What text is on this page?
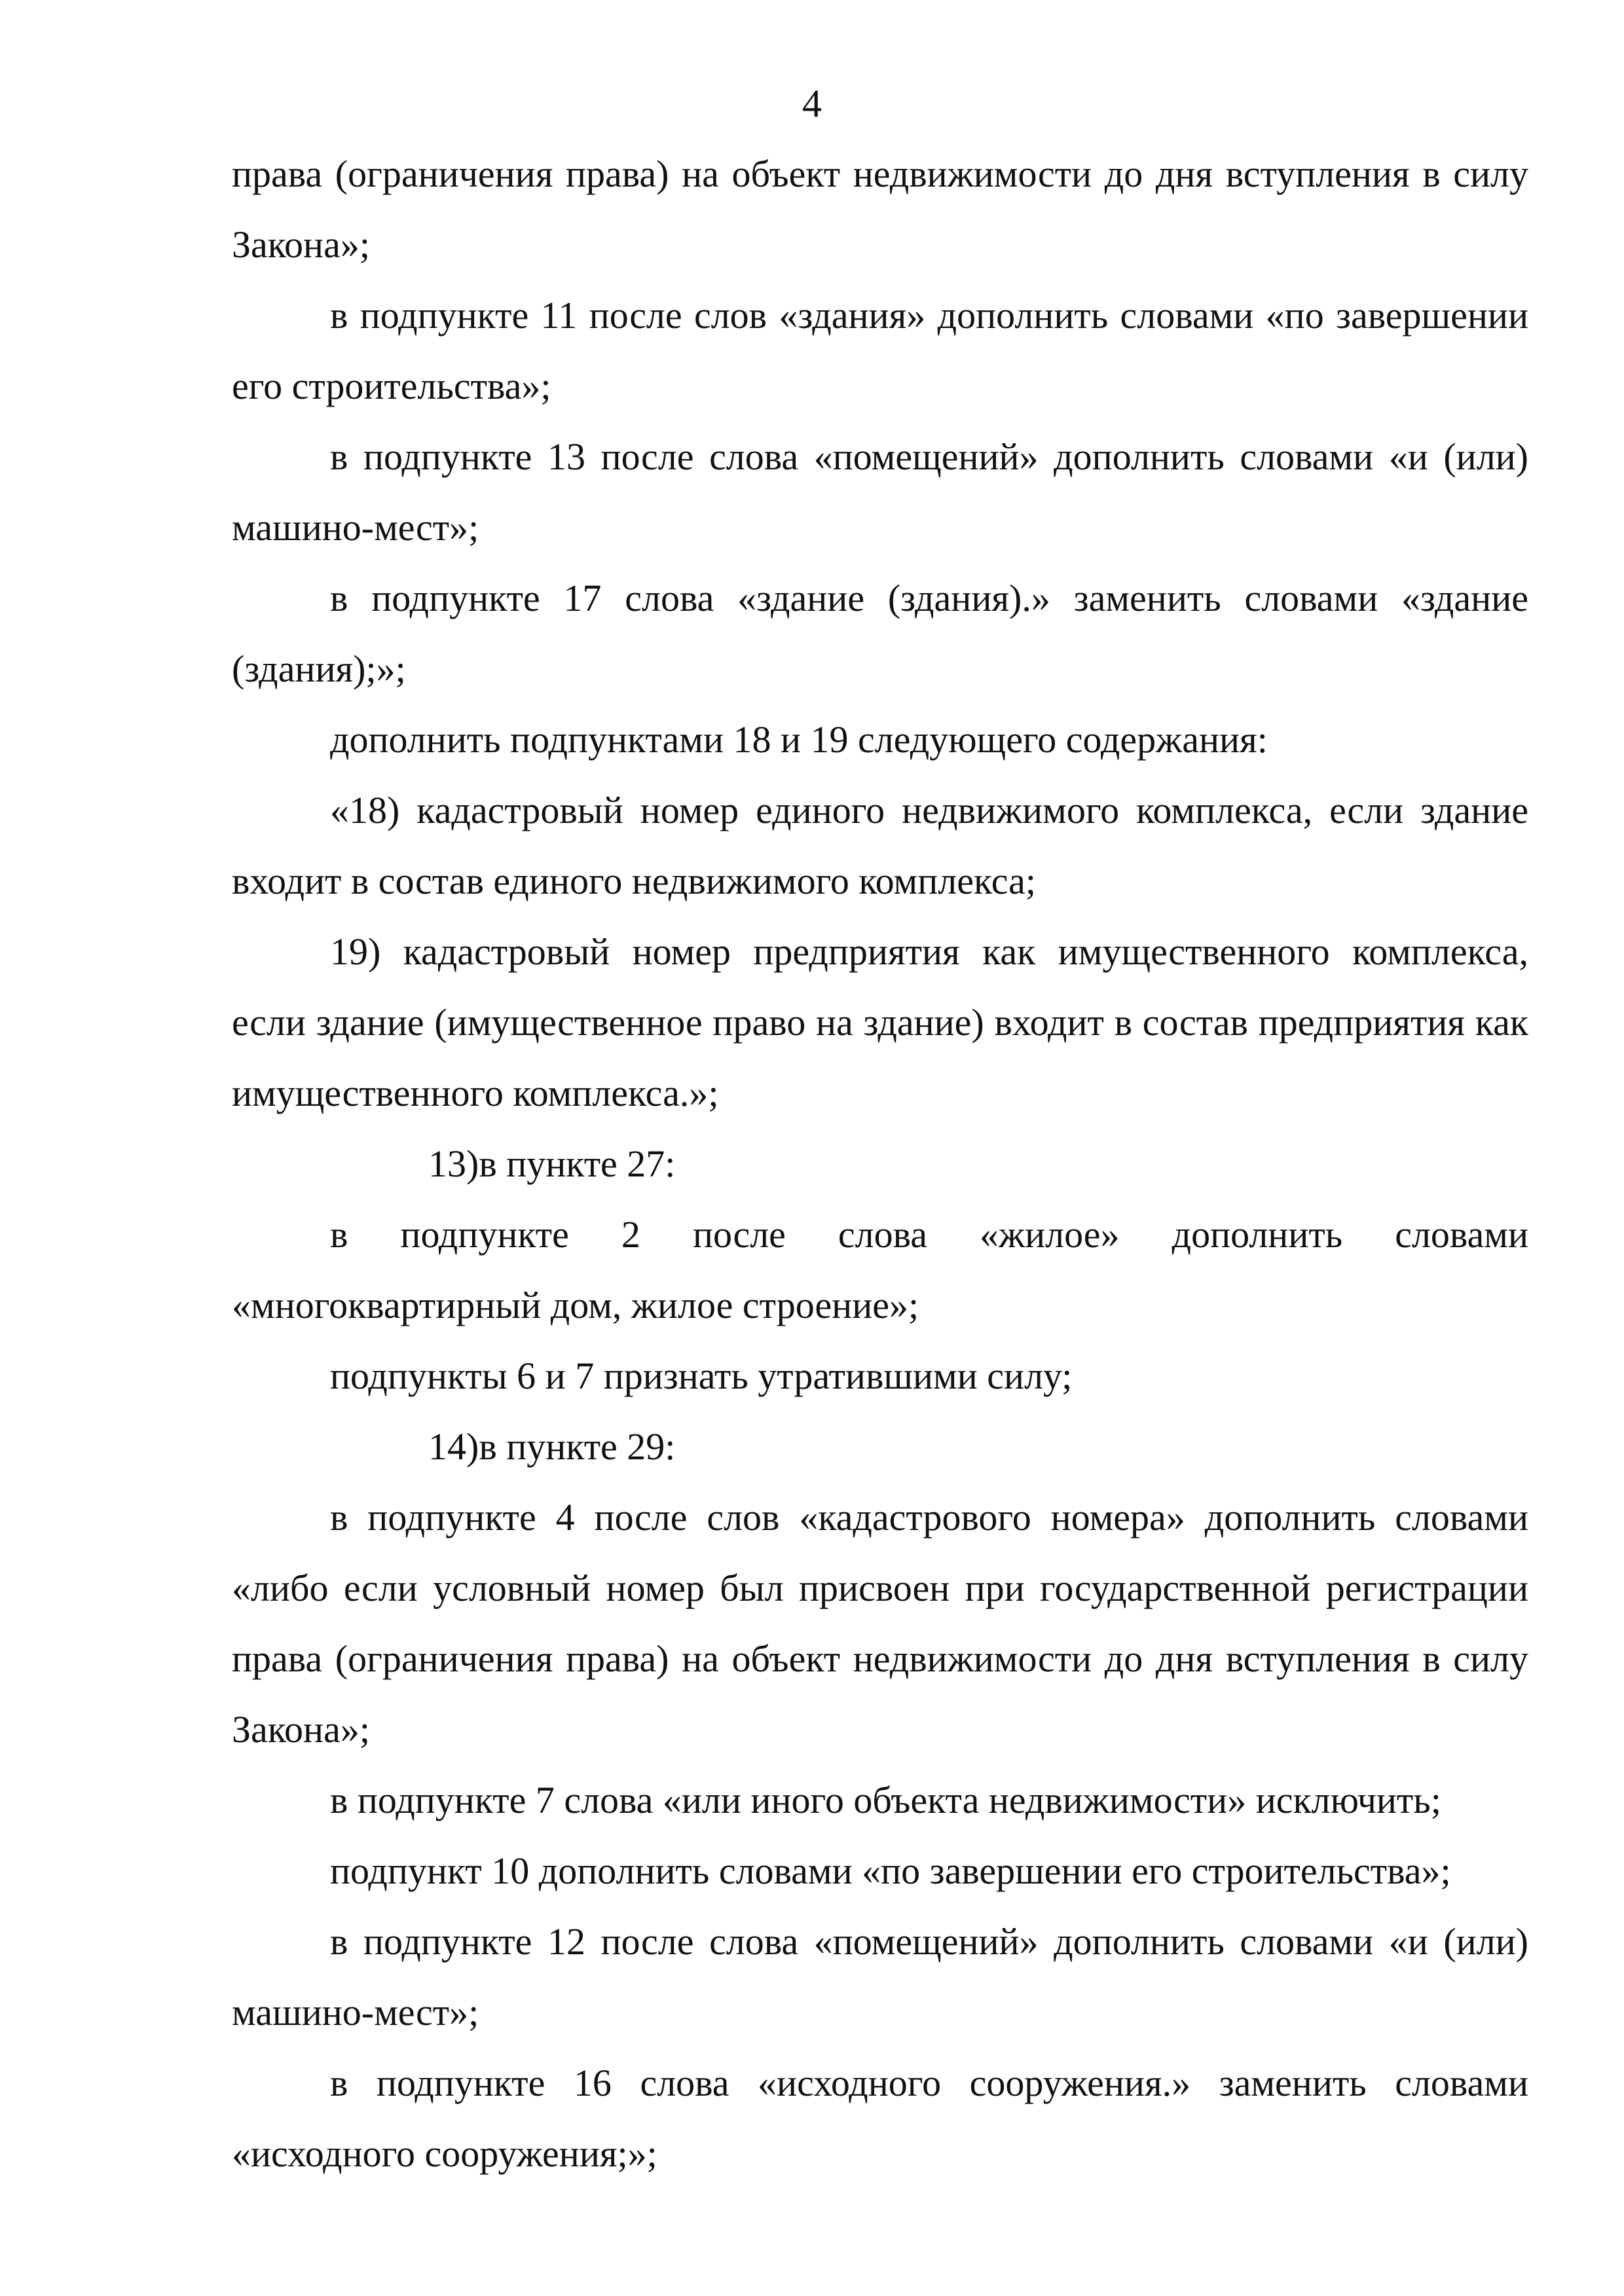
4

права (ограничения права) на объект недвижимости до дня вступления в силу Закона»;

в подпункте 11 после слов «здания» дополнить словами «по завершении его строительства»;

в подпункте 13 после слова «помещений» дополнить словами «и (или) машино-мест»;

в подпункте 17 слова «здание (здания).» заменить словами «здание (здания);»;

дополнить подпунктами 18 и 19 следующего содержания:

«18) кадастровый номер единого недвижимого комплекса, если здание входит в состав единого недвижимого комплекса;

19) кадастровый номер предприятия как имущественного комплекса, если здание (имущественное право на здание) входит в состав предприятия как имущественного комплекса.»;

13)в пункте 27:

в подпункте 2 после слова «жилое» дополнить словами «многоквартирный дом, жилое строение»;

подпункты 6 и 7 признать утратившими силу;

14)в пункте 29:

в подпункте 4 после слов «кадастрового номера» дополнить словами «либо если условный номер был присвоен при государственной регистрации права (ограничения права) на объект недвижимости до дня вступления в силу Закона»;

в подпункте 7 слова «или иного объекта недвижимости» исключить;

подпункт 10 дополнить словами «по завершении его строительства»;

в подпункте 12 после слова «помещений» дополнить словами «и (или) машино-мест»;

в подпункте 16 слова «исходного сооружения.» заменить словами «исходного сооружения;»;
